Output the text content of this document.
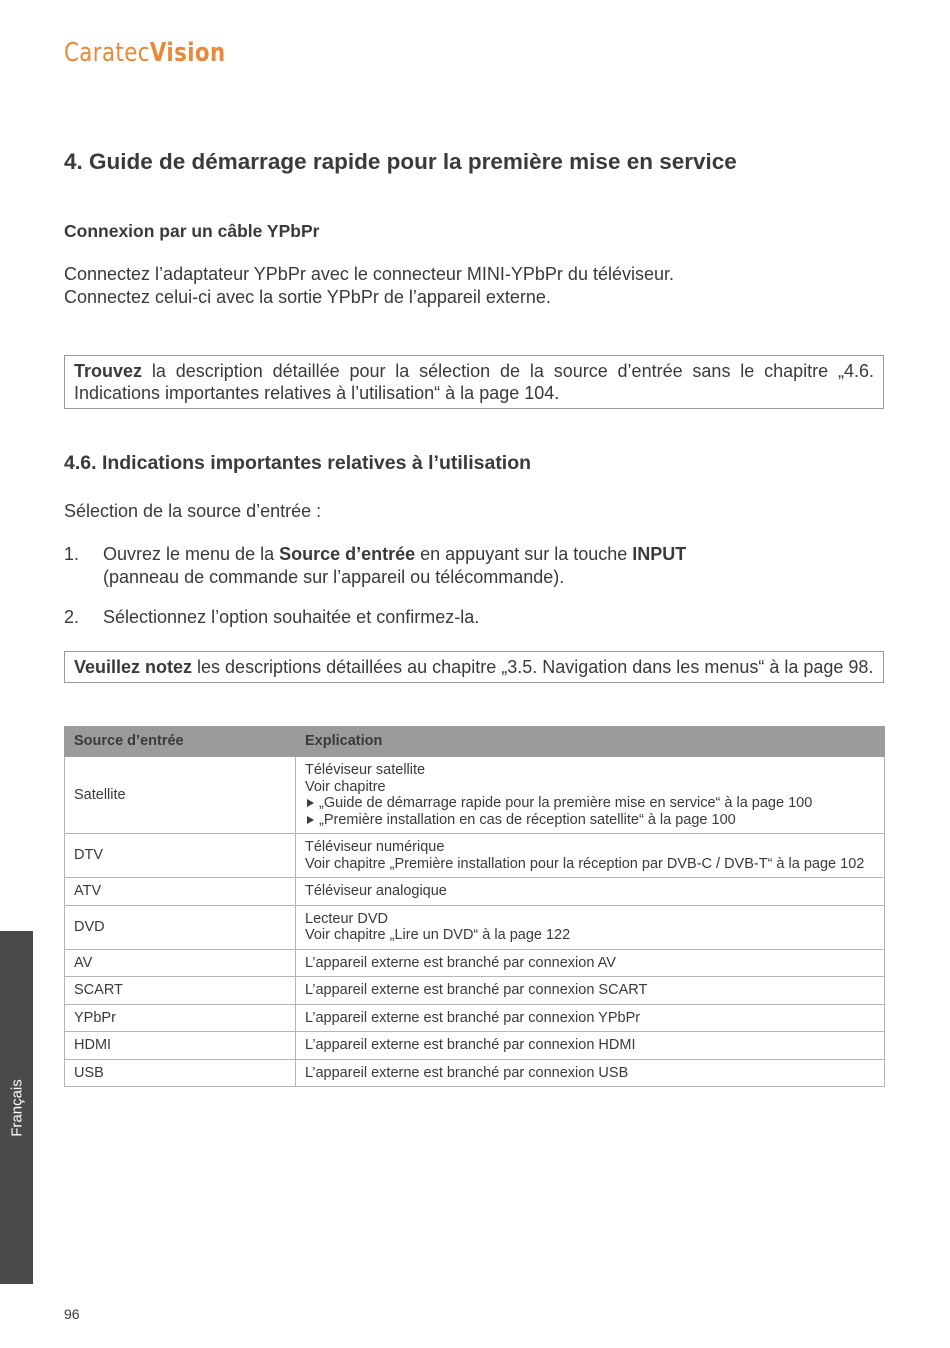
CaratecVision
4. Guide de démarrage rapide pour la première mise en service
Connexion par un câble YPbPr

Connectez l’adaptateur YPbPr avec le connecteur MINI-YPbPr du téléviseur.

Connectez celui-ci avec la sortie YPbPr de l’appareil externe.

Trouvez la description détaillée pour la sélection de la source d’entrée sans le chapitre „4.6. Indications importantes relatives à l’utilisation“ à la page 104.
4.6. Indications importantes relatives à l’utilisation

Sélection de la source d’entrée :

1. Ouvrez le menu de la Source d’entrée en appuyant sur la touche INPUT
(panneau de commande sur l’appareil ou télécommande).
2. Sélectionnez l’option souhaitée et confirmez-la.
Veuillez notez les descriptions détaillées au chapitre „3.5. Navigation dans les menus“ à la page 98.
Source d’entrée	Explication
Satellite	Téléviseur satellite
Voir chapitre
„Guide de démarrage rapide pour la première mise en service“ à la page 100
„Première installation en cas de réception satellite“ à la page 100

DTV	Téléviseur numérique
Voir chapitre „Première installation pour la réception par DVB-C / DVB-T“ à la page 102
ATV	Téléviseur analogique
DVD	Lecteur DVD
Voir chapitre „Lire un DVD“ à la page 122
AV	L’appareil externe est branché par connexion AV
SCART	L’appareil externe est branché par connexion SCART
YPbPr	L’appareil externe est branché par connexion YPbPr
HDMI	L’appareil externe est branché par connexion HDMI
USB	L’appareil externe est branché par connexion USB
Français
96
